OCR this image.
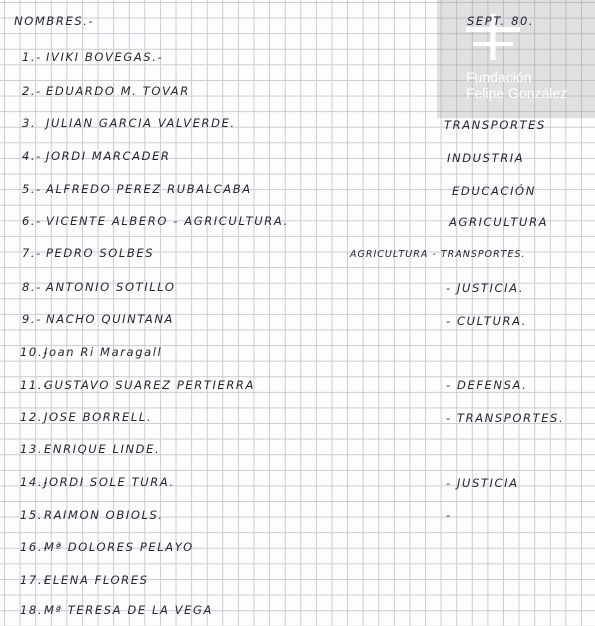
Fundación
Felipe González
NOMBRES.-	SEPT. 80.
1.- IVIKI BOVEGAS.-
2.- EDUARDO M. TOVAR
3. JULIAN GARCIA VALVERDE.
4.- JORDI MARCADER
5.- ALFREDO PEREZ RUBALCABA
6.- VICENTE ALBERO - AGRICULTURA.
7.- PEDRO SOLBES
8.- ANTONIO SOTILLO
9.- NACHO QUINTANA
10.-Joan Ri Maragall
11.-GUSTAVO SUAREZ PERTIERRA
12.JOSE BORRELL.
13.ENRIQUE LINDE.
14.-JORDI SOLE TURA.
15.RAIMON OBIOLS.
16.-Mª DOLORES PELAYO
17.-ELENA FLORES
18.Mª TERESA DE LA VEGA
TRANSPORTES
INDUSTRIA
EDUCACIÓN
AGRICULTURA
AGRICULTURA - TRANSPORTES.
- JUSTICIA.
- CULTURA.
- DEFENSA.
- TRANSPORTES.
- JUSTICIA
-
